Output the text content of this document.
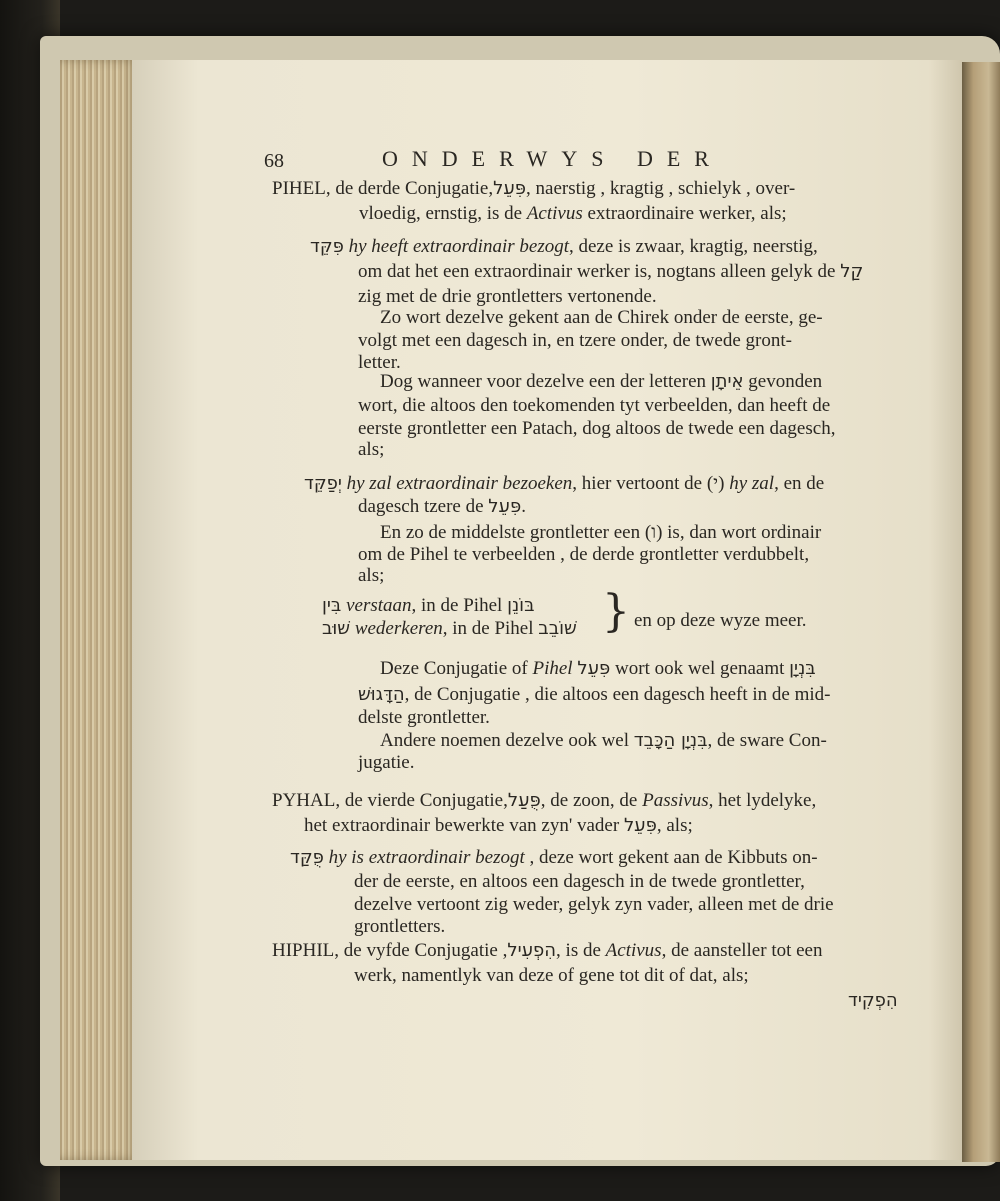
68	ONDERWYS DER
PIHEL, de derde Conjugatie,פִּעֵל, naerstig , kragtig , schielyk , over-
vloedig, ernstig, is de Activus extraordinaire werker, als;
פִּקֵּד hy heeft extraordinair bezogt, deze is zwaar, kragtig, neerstig,
om dat het een extraordinair werker is, nogtans alleen gelyk de קַל
zig met de drie grontletters vertonende.
Zo wort dezelve gekent aan de Chirek onder de eerste, ge-
volgt met een dagesch in, en tzere onder, de twede gront-
letter.
Dog wanneer voor dezelve een der letteren אֵיתָן gevonden
wort, die altoos den toekomenden tyt verbeelden, dan heeft de
eerste grontletter een Patach, dog altoos de twede een dagesch,
als;
יְפַקֵּד hy zal extraordinair bezoeken, hier vertoont de (י) hy zal, en de
dagesch tzere de פִּעֵל.
En zo de middelste grontletter een (ו) is, dan wort ordinair
om de Pihel te verbeelden , de derde grontletter verdubbelt,
als;
בִּין verstaan, in de Pihel בּוֹנֵן
שׁוּב wederkeren, in de Pihel שׁוֹבֵב } en op deze wyze meer.
Deze Conjugatie of Pihel פִּעֵל wort ook wel genaamt בִּנְיָן
הַדָּגוּשׁ, de Conjugatie , die altoos een dagesch heeft in de mid-
delste grontletter.
Andere noemen dezelve ook wel בִּנְיָן הַכָּבֵד, de sware Con-
jugatie.
PYHAL, de vierde Conjugatie,פֻּעַל, de zoon, de Passivus, het lydelyke,
het extraordinair bewerkte van zyn' vader פִּעֵל, als;
פֻּקַּד hy is extraordinair bezogt , deze wort gekent aan de Kibbuts on-
der de eerste, en altoos een dagesch in de twede grontletter,
dezelve vertoont zig weder, gelyk zyn vader, alleen met de drie
grontletters.
HIPHIL, de vyfde Conjugatie ,הִפְעִיל, is de Activus, de aansteller tot een
werk, namentlyk van deze of gene tot dit of dat, als;
הִפְקִיד
